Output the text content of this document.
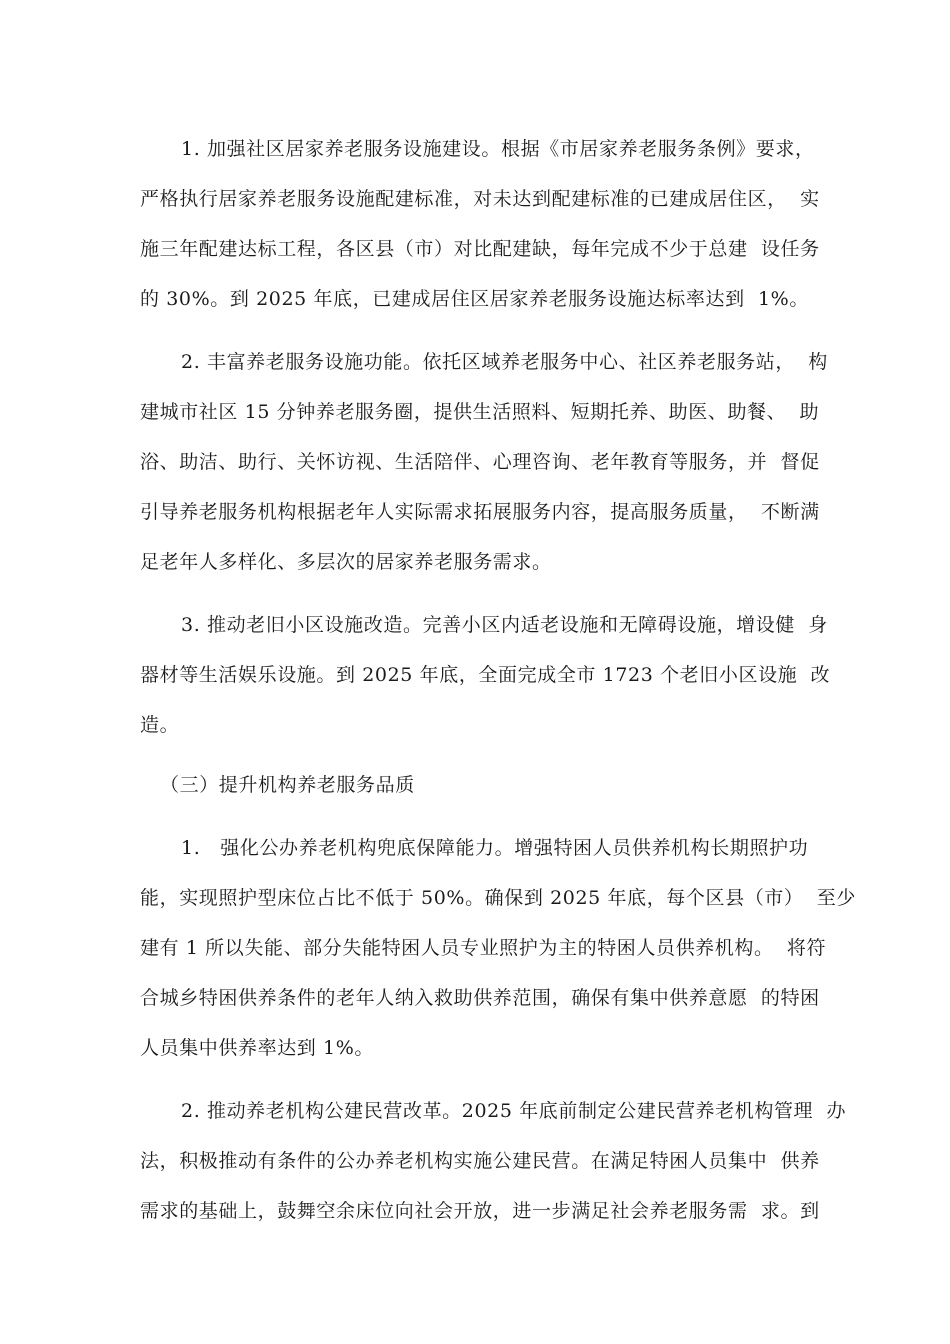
1. 加强社区居家养老服务设施建设。根据《市居家养老服务条例》要求，
严格执行居家养老服务设施配建标准，对未达到配建标准的已建成居住区，  实
施三年配建达标工程，各区县（市）对比配建缺，每年完成不少于总建  设任务
的 30%。到 2025 年底，已建成居住区居家养老服务设施达标率达到  1%。
2. 丰富养老服务设施功能。依托区域养老服务中心、社区养老服务站，  构
建城市社区 15 分钟养老服务圈，提供生活照料、短期托养、助医、助餐、  助
浴、助洁、助行、关怀访视、生活陪伴、心理咨询、老年教育等服务，并  督促
引导养老服务机构根据老年人实际需求拓展服务内容，提高服务质量，  不断满
足老年人多样化、多层次的居家养老服务需求。
3. 推动老旧小区设施改造。完善小区内适老设施和无障碍设施，增设健  身
器材等生活娱乐设施。到 2025 年底，全面完成全市 1723 个老旧小区设施  改
造。
（三）提升机构养老服务品质
1.   强化公办养老机构兜底保障能力。增强特困人员供养机构长期照护功
能，实现照护型床位占比不低于 50%。确保到 2025 年底，每个区县（市）  至少
建有 1 所以失能、部分失能特困人员专业照护为主的特困人员供养机构。  将符
合城乡特困供养条件的老年人纳入救助供养范围，确保有集中供养意愿  的特困
人员集中供养率达到 1%。
2. 推动养老机构公建民营改革。2025 年底前制定公建民营养老机构管理  办
法，积极推动有条件的公办养老机构实施公建民营。在满足特困人员集中  供养
需求的基础上，鼓舞空余床位向社会开放，进一步满足社会养老服务需  求。到
